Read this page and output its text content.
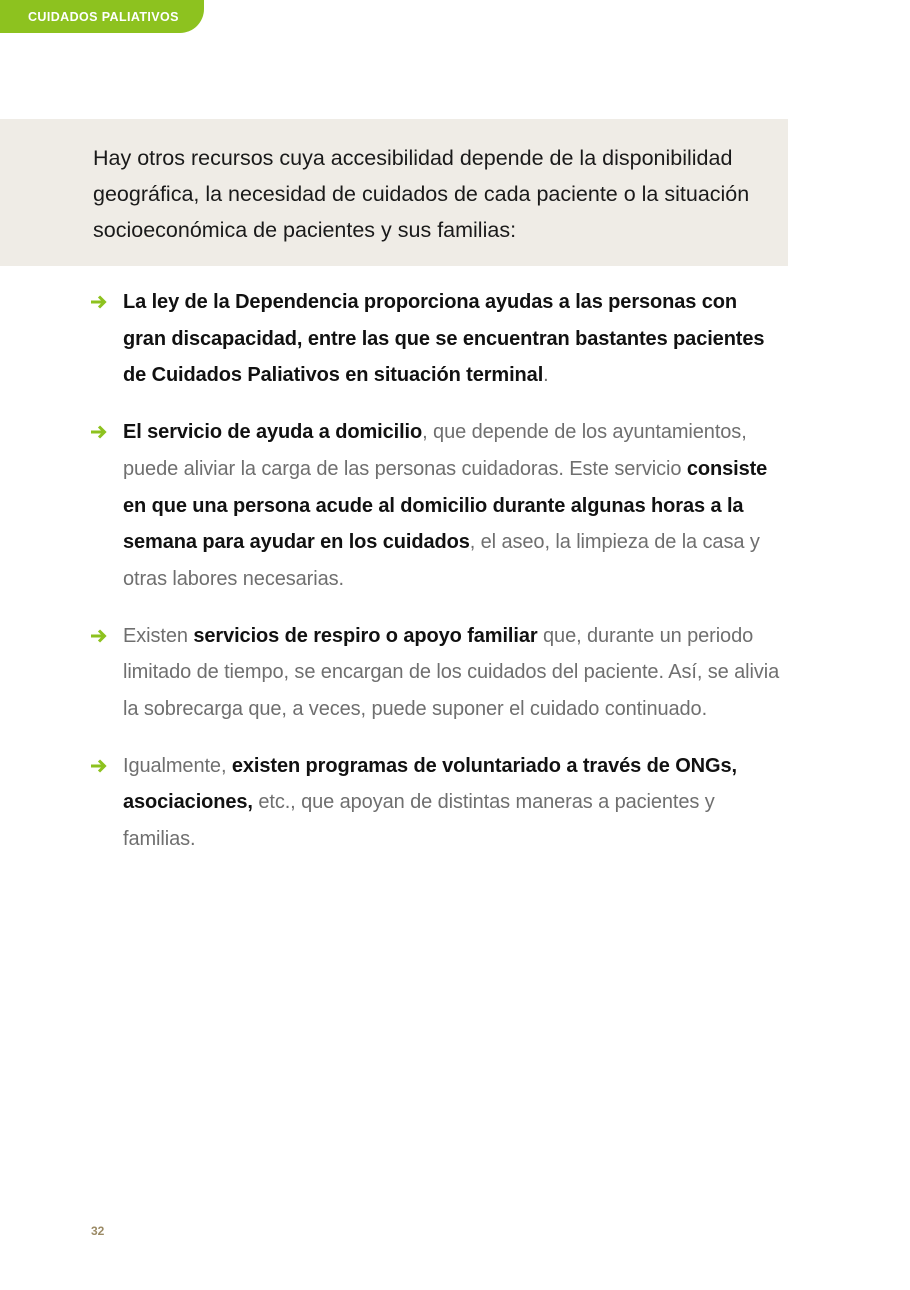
CUIDADOS PALIATIVOS

Hay otros recursos cuya accesibilidad depende de la disponibilidad geográfica, la necesidad de cuidados de cada paciente o la situación socioeconómica de pacientes y sus familias:

La ley de la Dependencia proporciona ayudas a las personas con gran discapacidad, entre las que se encuentran bastantes pacientes de Cuidados Paliativos en situación terminal.
El servicio de ayuda a domicilio, que depende de los ayuntamientos, puede aliviar la carga de las personas cuidadoras. Este servicio consiste en que una persona acude al domicilio durante algunas horas a la semana para ayudar en los cuidados, el aseo, la limpieza de la casa y otras labores necesarias.
Existen servicios de respiro o apoyo familiar que, durante un periodo limitado de tiempo, se encargan de los cuidados del paciente. Así, se alivia la sobrecarga que, a veces, puede suponer el cuidado continuado.
Igualmente, existen programas de voluntariado a través de ONGs, asociaciones, etc., que apoyan de distintas maneras a pacientes y familias.
32
